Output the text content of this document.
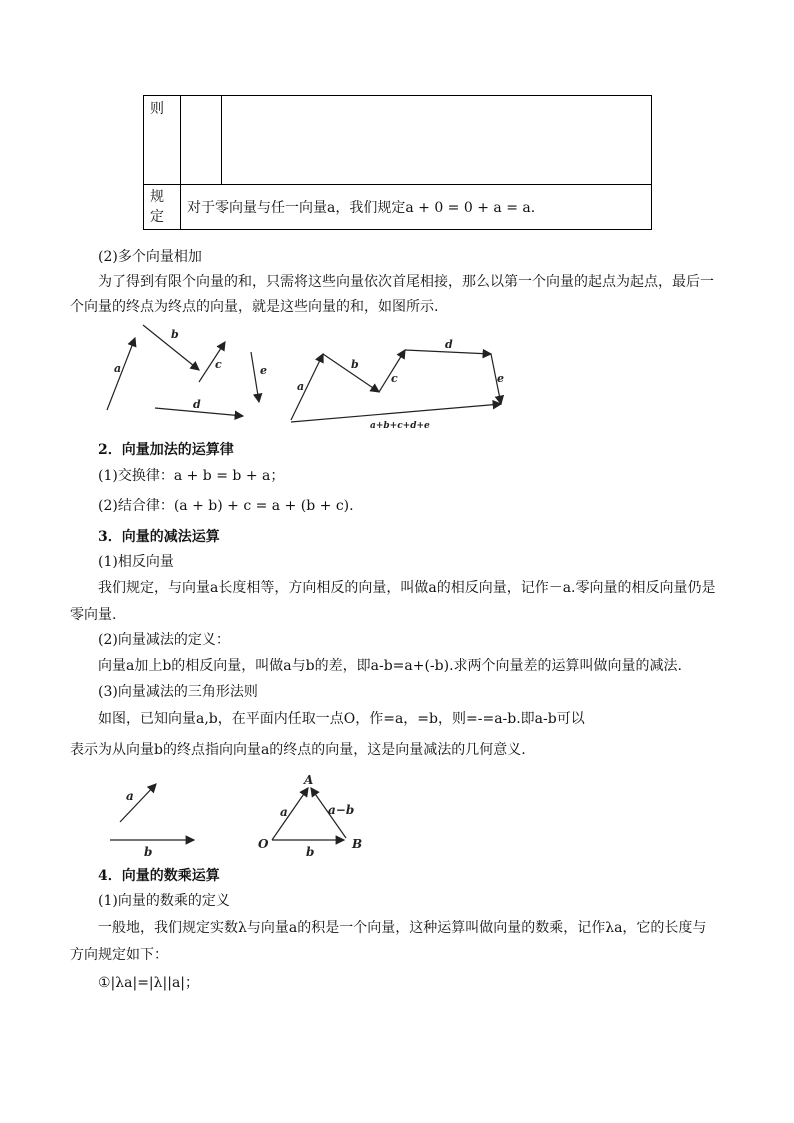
则		
规定	对于零向量与任一向量a，我们规定a + 0 = 0 + a = a.	
(2)多个向量相加
为了得到有限个向量的和，只需将这些向量依次首尾相接，那么以第一个向量的起点为起点，最后一
个向量的终点为终点的向量，就是这些向量的和，如图所示.
a
b
c
d
e
a
b
c
d
e
a+b+c+d+e
2．向量加法的运算律
(1)交换律：a + b = b + a；
(2)结合律：(a + b) + c = a + (b + c).
3．向量的减法运算
(1)相反向量
我们规定，与向量a长度相等，方向相反的向量，叫做a的相反向量，记作－a.零向量的相反向量仍是
零向量.
(2)向量减法的定义：
向量a加上b的相反向量，叫做a与b的差，即a-b=a+(-b).求两个向量差的运算叫做向量的减法.
(3)向量减法的三角形法则
如图，已知向量a,b，在平面内任取一点O，作=a，=b，则=-=a-b.即a-b可以
表示为从向量b的终点指向向量a的终点的向量，这是向量减法的几何意义.
a
b
a
b
a−b
A
O	B
4．向量的数乘运算
(1)向量的数乘的定义
一般地，我们规定实数λ与向量a的积是一个向量，这种运算叫做向量的数乘，记作λa，它的长度与
方向规定如下：
①|λa|=|λ||a|；
